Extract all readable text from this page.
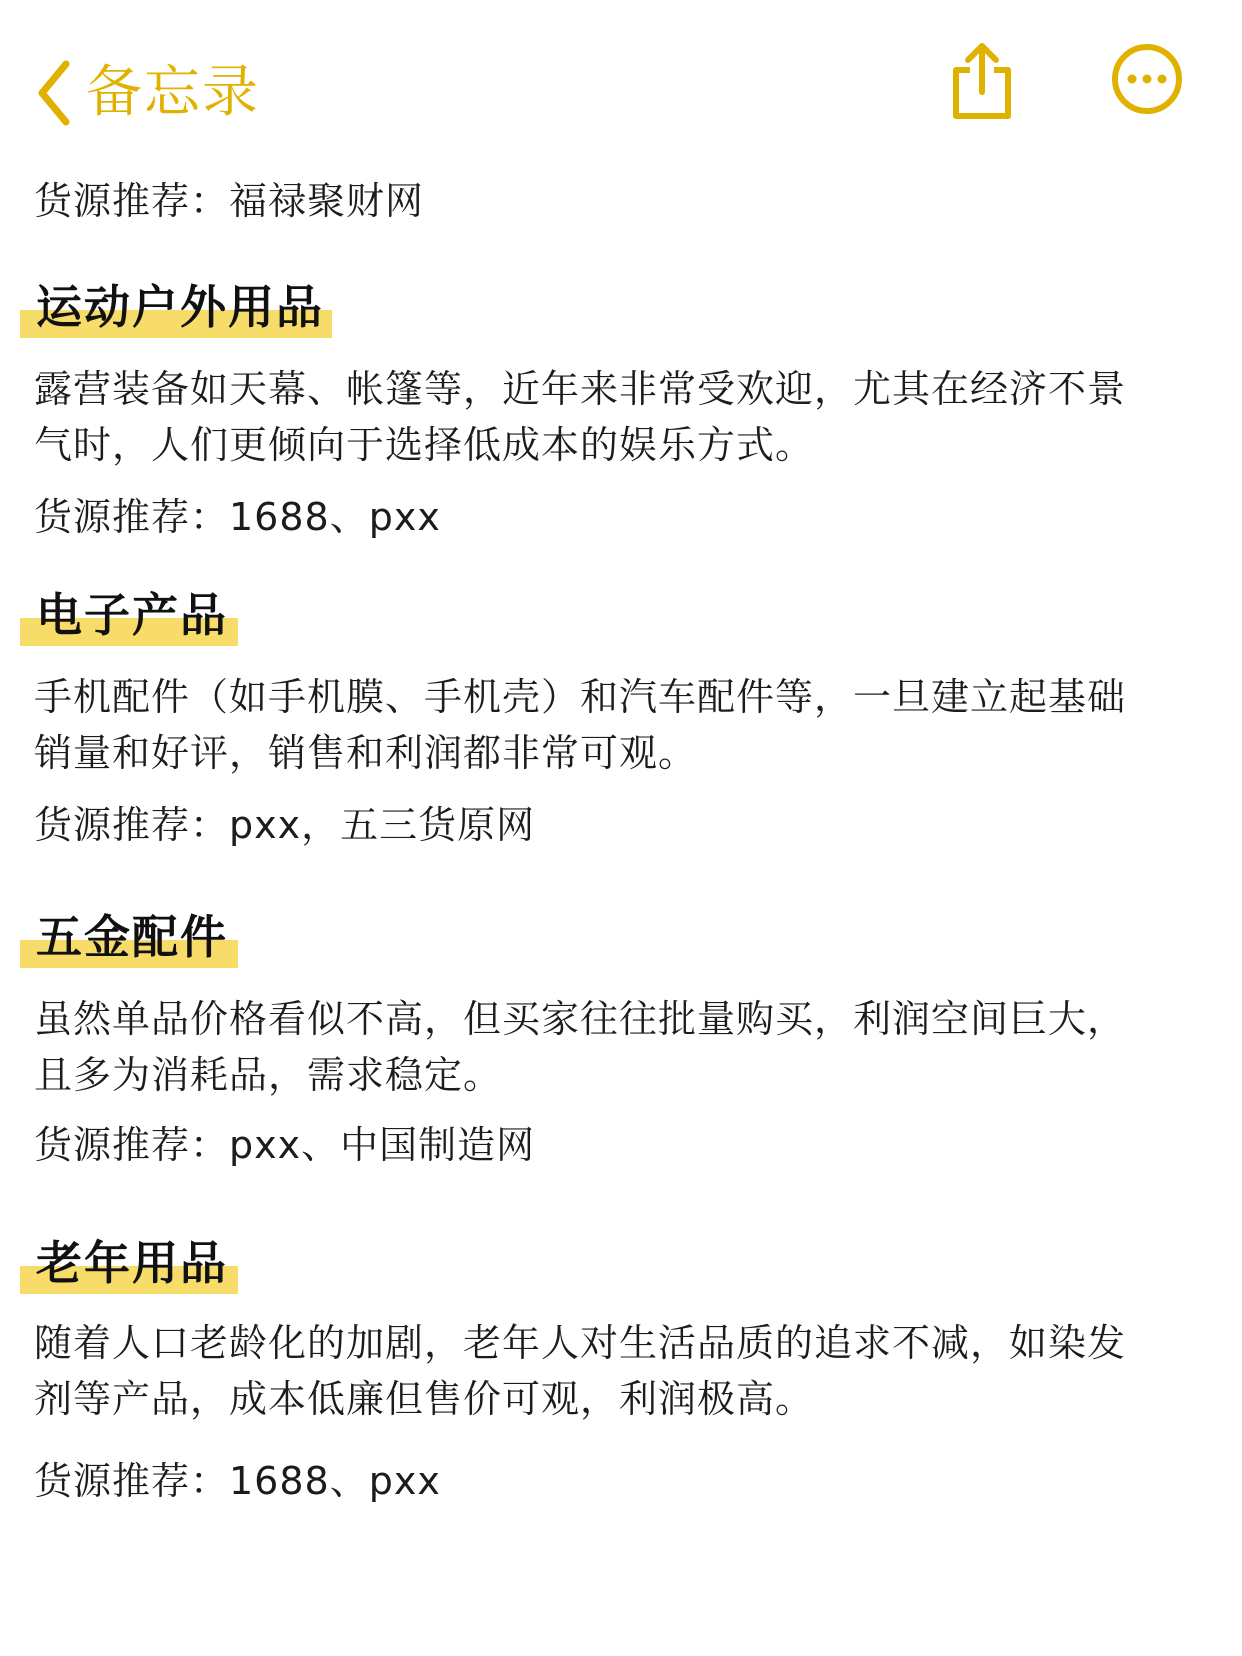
备忘录
货源推荐：福禄聚财网
运动户外用品
露营装备如天幕、帐篷等，近年来非常受欢迎，尤其在经济不景
气时，人们更倾向于选择低成本的娱乐方式。
货源推荐：1688、pxx
电子产品
手机配件（如手机膜、手机壳）和汽车配件等，一旦建立起基础
销量和好评，销售和利润都非常可观。
货源推荐：pxx，五三货原网
五金配件
虽然单品价格看似不高，但买家往往批量购买，利润空间巨大，
且多为消耗品，需求稳定。
货源推荐：pxx、中国制造网
老年用品
随着人口老龄化的加剧，老年人对生活品质的追求不减，如染发
剂等产品，成本低廉但售价可观，利润极高。
货源推荐：1688、pxx
